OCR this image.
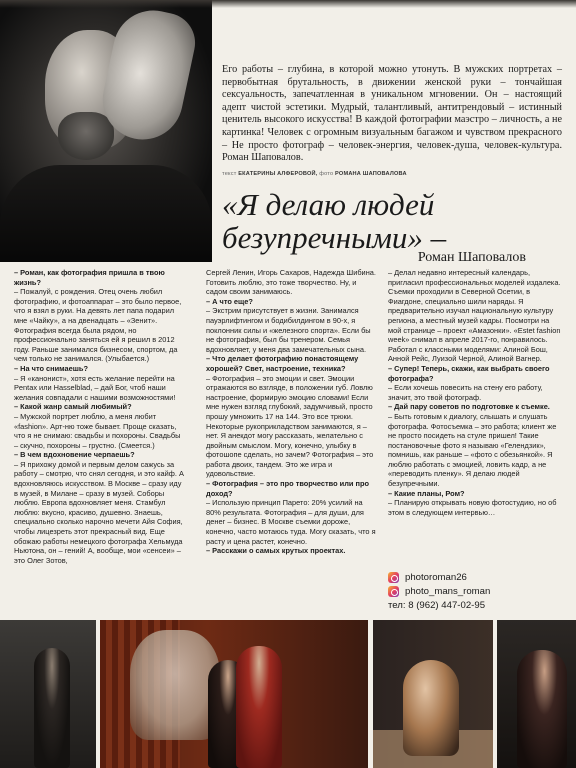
Его работы – глубина, в которой можно утонуть. В мужских портретах – первобытная брутальность, в движении женской руки – тончайшая сексуальность, запечатленная в уникальном мгновении. Он – настоящий адепт чистой эстетики. Мудрый, талантливый, антитрендовый – истинный ценитель высокого искусства! В каждой фотографии маэстро – личность, а не картинка! Человек с огромным визуальным багажом и чувством прекрасного – Не просто фотограф – человек-энергия, человек-душа, человек-культура. Роман Шаповалов.
текст ЕКАТЕРИНЫ АЛФЕРОВОЙ, фото РОМАНА ШАПОВАЛОВА
«Я делаю людей безупречными» –
Роман Шаповалов

– Роман, как фотография пришла в твою жизнь?

– Пожалуй, с рождения. Отец очень любил фотографию, и фотоаппарат – это было первое, что я взял в руки. На девять лет папа подарил мне «Чайку», а на двенадцать – «Зенит». Фотография всегда была рядом, но профессионально заняться ей я решил в 2012 году. Раньше занимался бизнесом, спортом, да чем только не занимался. (Улыбается.)

– На что снимаешь?

– Я «канонист», хотя есть желание перейти на Pentax или Hasselblad, – дай Бог, чтоб наши желания совпадали с нашими возможностями!

– Какой жанр самый любимый?

– Мужской портрет люблю, а меня любит «fashion». Арт-ню тоже бывает. Проще сказать, что я не снимаю: свадьбы и похороны. Свадьбы – скучно, похороны – грустно. (Смеется.)

– В чем вдохновение черпаешь?

– Я прихожу домой и первым делом сажусь за работу – смотрю, что снял сегодня, и это кайф. А вдохновляюсь искусством. В Москве – сразу иду в музей, в Милане – сразу в музей. Соборы люблю. Европа вдохновляет меня. Стамбул люблю: вкусно, красиво, душевно. Знаешь, специально сколько нарочно мечети Айя София, чтобы лицезреть этот прекрасный вид. Еще обожаю работы немецкого фотографа Хельмуда Ньютона, он – гений! А, вообще, мои «сенсеи» – это Олег Зотов,

Сергей Ленин, Игорь Сахаров, Надежда Шибина. Готовить люблю, это тоже творчество. Ну, и садом своим занимаюсь.

– А что еще?

– Экстрим присутствует в жизни. Занимался пауэрлифтингом и бодибилдингом в 90-х, я поклонник силы и «железного спорта». Если бы не фотография, был бы тренером. Семья вдохновляет, у меня два замечательных сына.

– Что делает фотографию понастоящему хорошей? Свет, настроение, техника?

– Фотография – это эмоции и свет. Эмоции отражаются во взгляде, в положении губ. Ловлю настроение, формирую эмоцию словами! Если мне нужен взгляд глубокий, задумчивый, просто прошу умножить 17 на 144. Это все трюки. Некоторые рукоприкладством занимаются, я – нет. Я анекдот могу рассказать, желательно с двойным смыслом. Могу, конечно, улыбку в фотошопе сделать, но зачем? Фотография – это работа двоих, тандем. Это же игра и удовольствие.

– Фотография – это про творчество или про доход?

– Использую принцип Парето: 20% усилий на 80% результата. Фотография – для души, для денег – бизнес. В Москве съемки дороже, конечно, часто мотаюсь туда. Могу сказать, что я расту и цена растет, конечно.

– Расскажи о самых крутых проектах.

– Делал недавно интересный календарь, пригласил профессиональных моделей издалека. Съемки проходили в Северной Осетии, в Фиагдоне, специально шили наряды. Я предварительно изучал национальную культуру региона, а местный музей кадры. Посмотри на мой странице – проект «Амазонки». «Estet fashion week» снимал в апреле 2017-го, понравилось. Работал с классными моделями: Алиной Бош, Анной Рейс, Луизой Черной, Алиной Вагнер.

– Супер! Теперь, скажи, как выбрать своего фотографа?

– Если хочешь повесить на стену его работу, значит, это твой фотограф.

– Дай пару советов по подготовке к съемке.

– Быть готовым к диалогу, слышать и слушать фотографа. Фотосъемка – это работа; клиент же не просто посидеть на стуле пришел! Такие постановочные фото я называю «Гелендзик», помнишь, как раньше – «фото с обезьянкой». Я люблю работать с эмоцией, ловить кадр, а не «переводить пленку». Я делаю людей безупречными.

– Какие планы, Ром?

– Планирую открывать новую фотостудию, но об этом в следующем интервью…

photoroman26
photo_mans_roman
тел: 8 (962) 447-02-95
